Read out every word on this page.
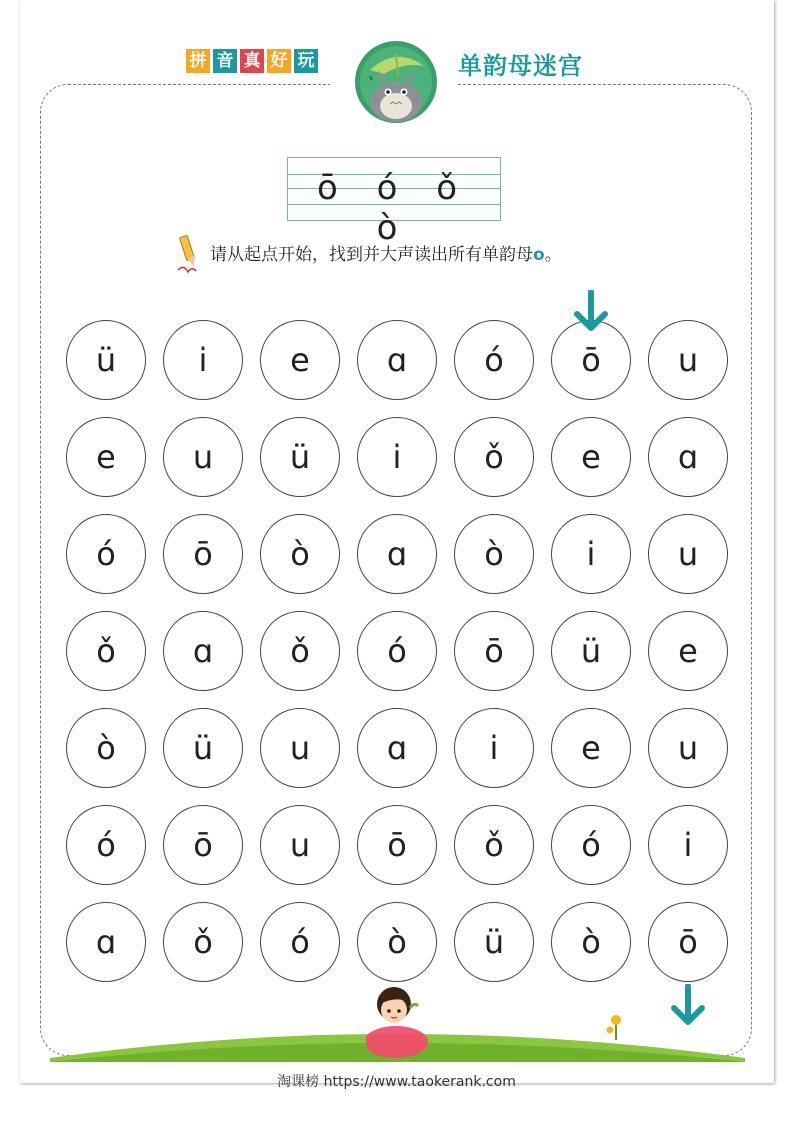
拼 音 真 好 玩	单韵母迷宫
ō ó ǒ ò
请从起点开始，找到并大声读出所有单韵母o。
ü	i	e	ɑ	ó	ō	u
e	u	ü	i	ǒ	e	ɑ
ó	ō	ò	ɑ	ò	i	u
ǒ	ɑ	ǒ	ó	ō	ü	e
ò	ü	u	ɑ	i	e	u
ó	ō	u	ō	ǒ	ó	i
ɑ	ǒ	ó	ò	ü	ò	ō
淘课榜 https://www.taokerank.com
